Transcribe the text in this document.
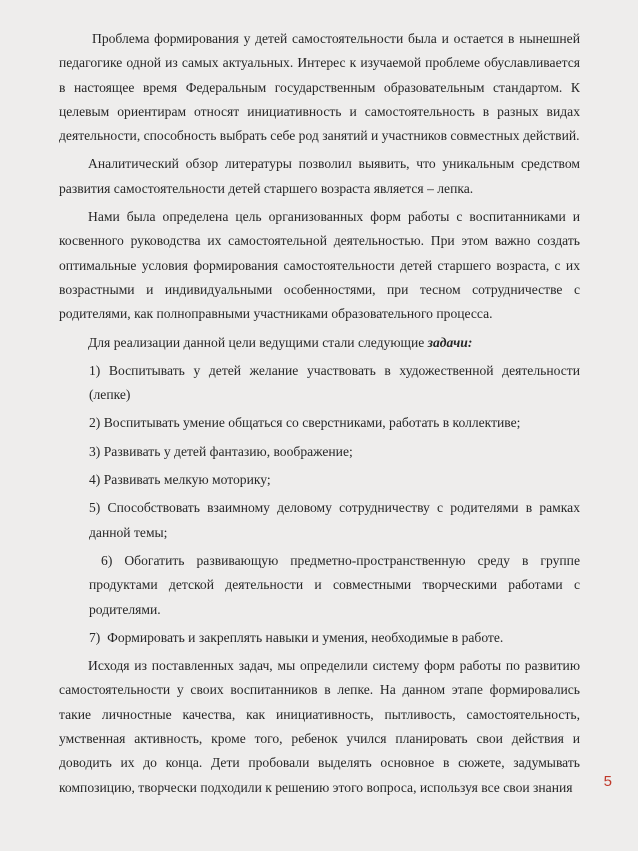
Проблема формирования у детей самостоятельности была и остается в нынешней педагогике одной из самых актуальных. Интерес к изучаемой проблеме обуславливается в настоящее время Федеральным государственным образовательным стандартом. К целевым ориентирам относят инициативность и самостоятельность в разных видах деятельности, способность выбрать себе род занятий и участников совместных действий.

Аналитический обзор литературы позволил выявить, что уникальным средством развития самостоятельности детей старшего возраста является – лепка.

Нами была определена цель организованных форм работы с воспитанниками и косвенного руководства их самостоятельной деятельностью. При этом важно создать оптимальные условия формирования самостоятельности детей старшего возраста, с их возрастными и индивидуальными особенностями, при тесном сотрудничестве с родителями, как полноправными участниками образовательного процесса.

Для реализации данной цели ведущими стали следующие задачи:

1) Воспитывать у детей желание участвовать в художественной деятельности (лепке)

2) Воспитывать умение общаться со сверстниками, работать в коллективе;

3) Развивать у детей фантазию, воображение;

4) Развивать мелкую моторику;

5) Способствовать взаимному деловому сотрудничеству с родителями в рамках данной темы;

6) Обогатить развивающую предметно-пространственную среду в группе продуктами детской деятельности и совместными творческими работами с родителями.

7)  Формировать и закреплять навыки и умения, необходимые в работе.

Исходя из поставленных задач, мы определили систему форм работы по развитию самостоятельности у своих воспитанников в лепке. На данном этапе формировались такие личностные качества, как инициативность, пытливость, самостоятельность, умственная активность, кроме того, ребенок учился планировать свои действия и доводить их до конца. Дети пробовали выделять основное в сюжете, задумывать композицию, творчески подходили к решению этого вопроса, используя все свои знания	5
